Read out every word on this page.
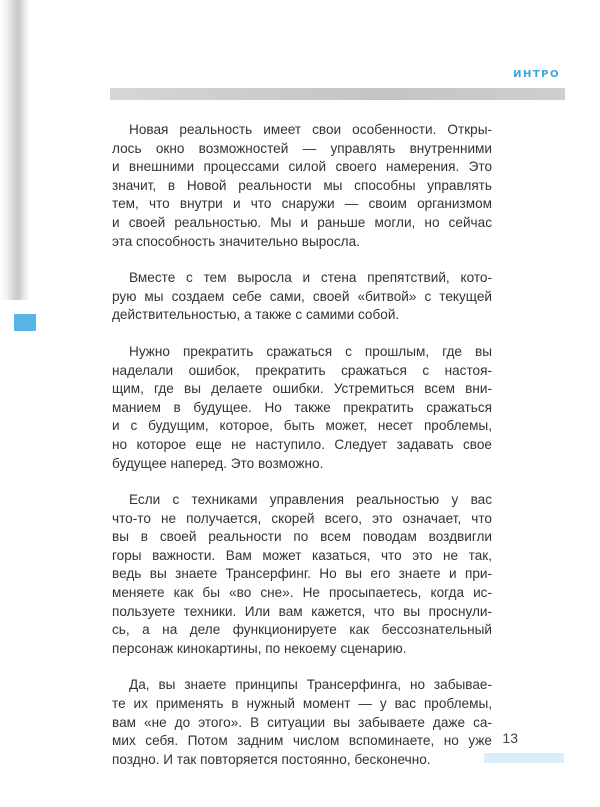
ИНТРО
Новая реальность имеет свои особенности. Откры-
лось окно возможностей — управлять внутренними
и внешними процессами силой своего намерения. Это
значит, в Новой реальности мы способны управлять
тем, что внутри и что снаружи — своим организмом
и своей реальностью. Мы и раньше могли, но сейчас
эта способность значительно выросла.
Вместе с тем выросла и стена препятствий, кото-
рую мы создаем себе сами, своей «битвой» с текущей
действительностью, а также с самими собой.
Нужно прекратить сражаться с прошлым, где вы
наделали ошибок, прекратить сражаться с настоя-
щим, где вы делаете ошибки. Устремиться всем вни-
манием в будущее. Но также прекратить сражаться
и с будущим, которое, быть может, несет проблемы,
но которое еще не наступило. Следует задавать свое
будущее наперед. Это возможно.
Если с техниками управления реальностью у вас
что-то не получается, скорей всего, это означает, что
вы в своей реальности по всем поводам воздвигли
горы важности. Вам может казаться, что это не так,
ведь вы знаете Трансерфинг. Но вы его знаете и при-
меняете как бы «во сне». Не просыпаетесь, когда ис-
пользуете техники. Или вам кажется, что вы проснули-
сь, а на деле функционируете как бессознательный
персонаж кинокартины, по некоему сценарию.
Да, вы знаете принципы Трансерфинга, но забывае-
те их применять в нужный момент — у вас проблемы,
вам «не до этого». В ситуации вы забываете даже са-
мих себя. Потом задним числом вспоминаете, но уже
поздно. И так повторяется постоянно, бесконечно.
13
